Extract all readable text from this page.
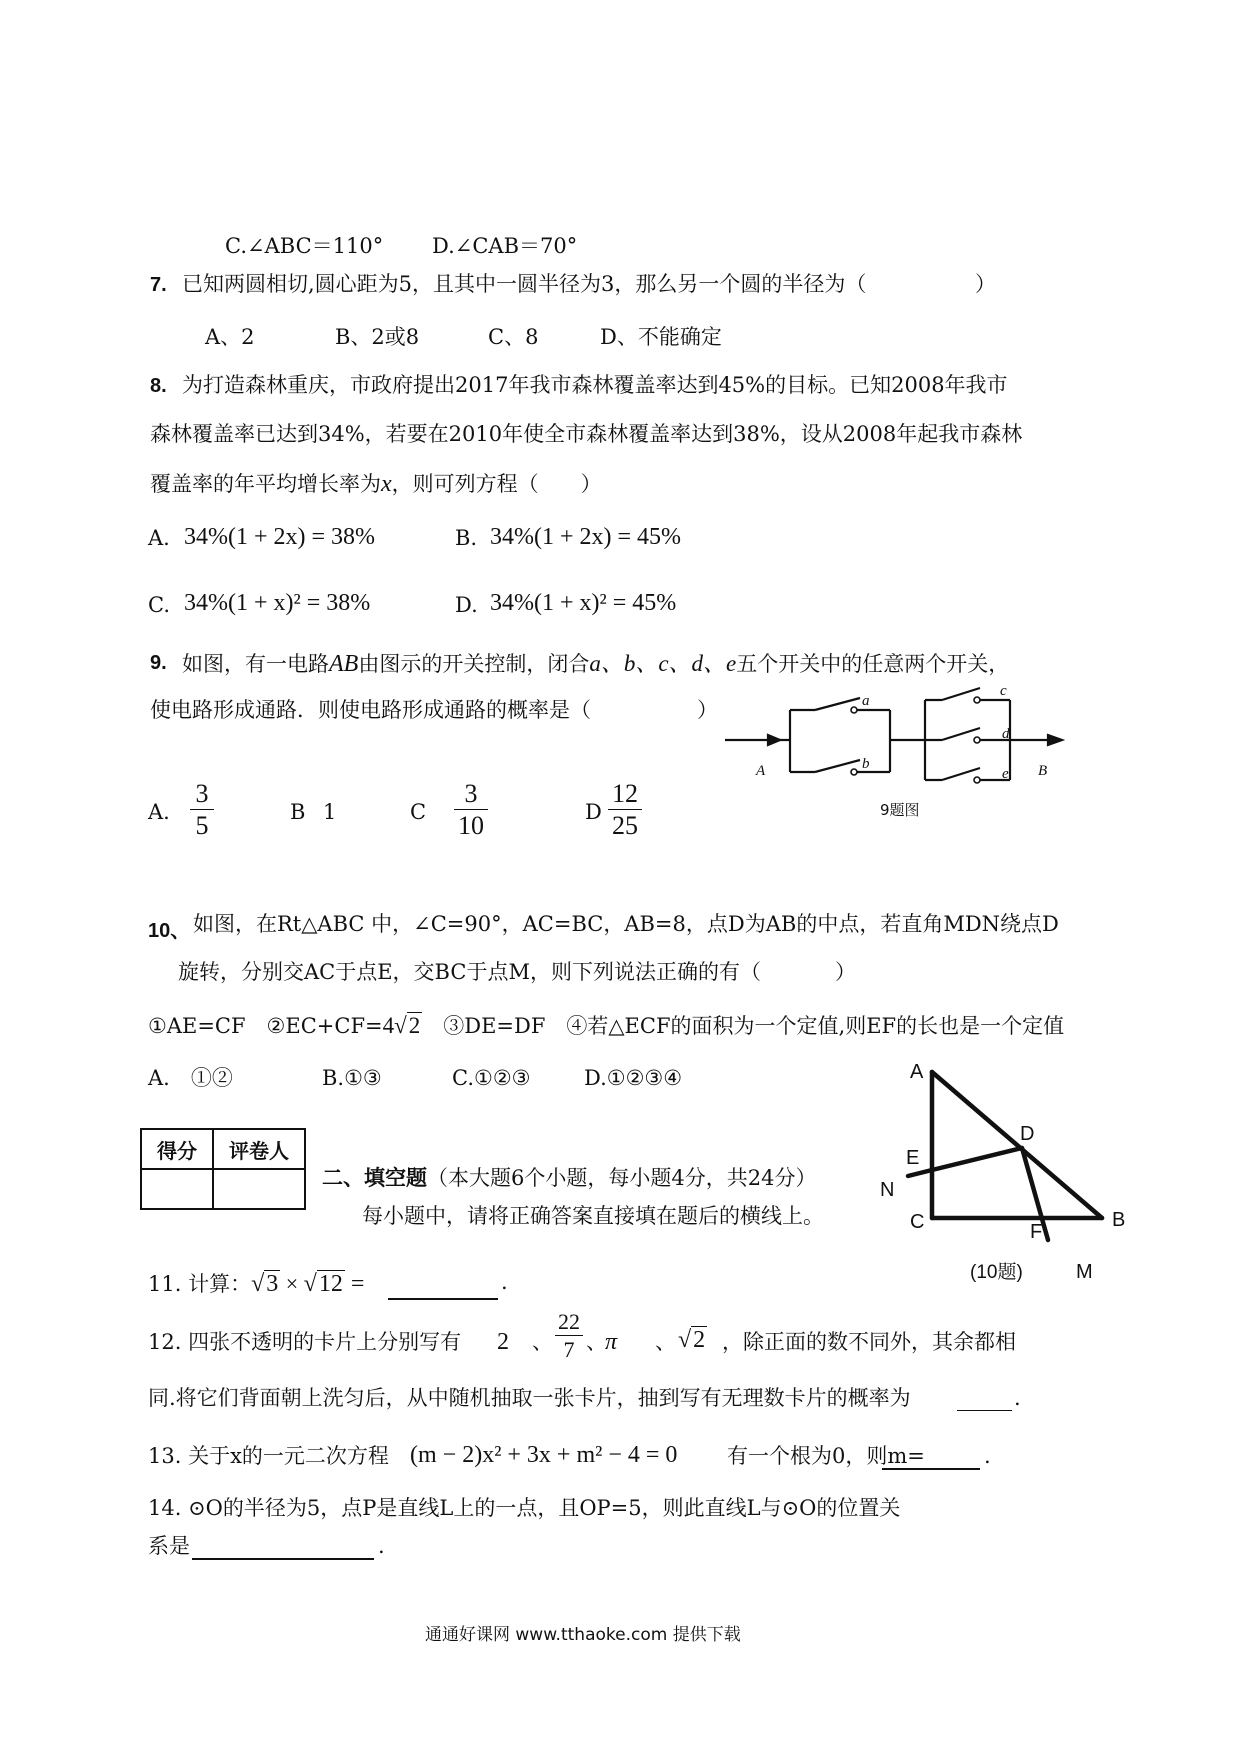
C.∠ABC＝110° D.∠CAB＝70°
7. 已知两圆相切,圆心距为5，且其中一圆半径为3，那么另一个圆的半径为（	）
A、2	B、2或8	C、8	D、不能确定
8. 为打造森林重庆，市政府提出2017年我市森林覆盖率达到45%的目标。已知2008年我市
森林覆盖率已达到34%，若要在2010年使全市森林覆盖率达到38%，设从2008年起我市森林
覆盖率的年平均增长率为x，则可列方程（　　）
A. 34%(1 + 2x) = 38%	B. 34%(1 + 2x) = 45%
C. 34%(1 + x)² = 38%	D. 34%(1 + x)² = 45%
9. 如图，有一电路AB由图示的开关控制，闭合a、b、c、d、e五个开关中的任意两个开关，
使电路形成通路．则使电路形成通路的概率是（	）
A.
3
5	B 1	C
3
10	D
12
25
A	B
a
b
c
d
e
9题图
10、 如图，在Rt△ABC 中，∠C=90°，AC=BC，AB=8，点D为AB的中点，若直角MDN绕点D
旋转，分别交AC于点E，交BC于点M，则下列说法正确的有（	）
①AE=CF　②EC+CF=4√2　 ③DE=DF　④若△ECF的面积为一个定值,则EF的长也是一个定值
A.　①②	B.①③	C.①②③	D.①②③④	A
D
E
N
C	F
B
M
(10题)
得分	评卷人

二、填空题（本大题6个小题，每小题4分，共24分）
每小题中，请将正确答案直接填在题后的横线上。
11. 计算：√3 × √12 =	.
12. 四张不透明的卡片上分别写有 2 、
22
7 、
π 、 √2 ，除正面的数不同外，其余都相
同.将它们背面朝上洗匀后，从中随机抽取一张卡片，抽到写有无理数卡片的概率为	.
13. 关于x的一元二次方程 (m − 2)x² + 3x + m² − 4 = 0 有一个根为0，则m=	.
14. ⊙O的半径为5，点P是直线L上的一点，且OP=5，则此直线L与⊙O的位置关
系是	.
通通好课网 www.tthaoke.com 提供下载
